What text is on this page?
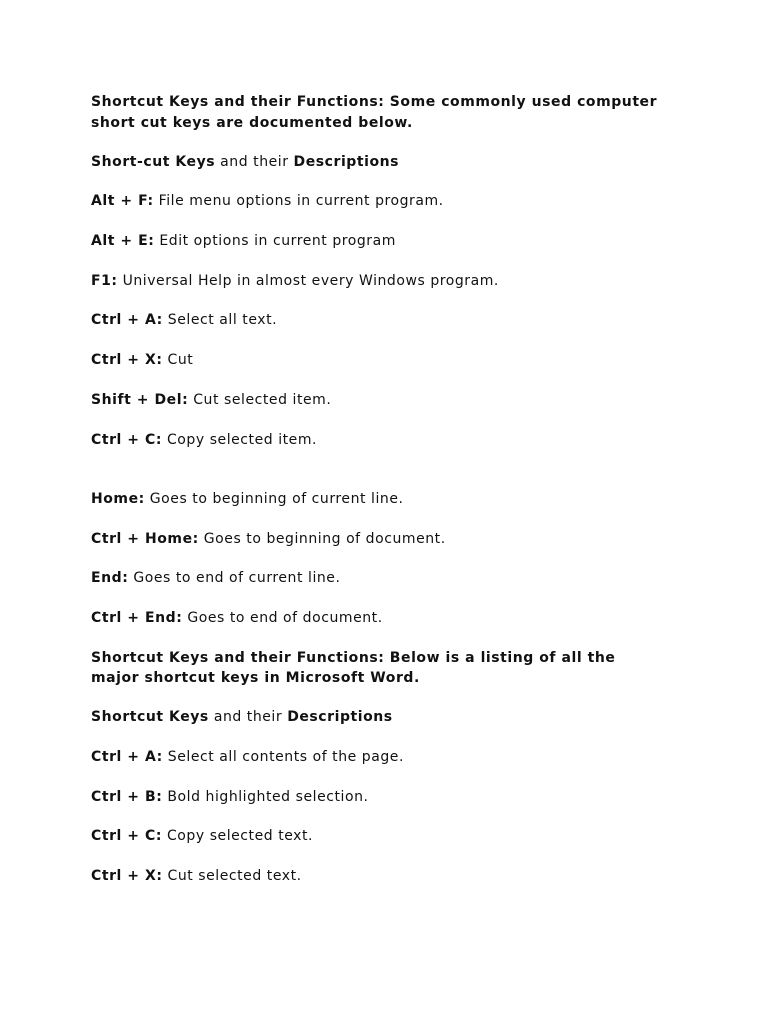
Shortcut Keys and their Functions: Some commonly used computer
short cut keys are documented below.
Short-cut Keys and their Descriptions
Alt + F: File menu options in current program.
Alt + E: Edit options in current program
F1: Universal Help in almost every Windows program.
Ctrl + A: Select all text.
Ctrl + X: Cut
Shift + Del: Cut selected item.
Ctrl + C: Copy selected item.
Home: Goes to beginning of current line.
Ctrl + Home: Goes to beginning of document.
End: Goes to end of current line.
Ctrl + End: Goes to end of document.
Shortcut Keys and their Functions: Below is a listing of all the
major shortcut keys in Microsoft Word.
Shortcut Keys and their Descriptions
Ctrl + A: Select all contents of the page.
Ctrl + B: Bold highlighted selection.
Ctrl + C: Copy selected text.
Ctrl + X: Cut selected text.
